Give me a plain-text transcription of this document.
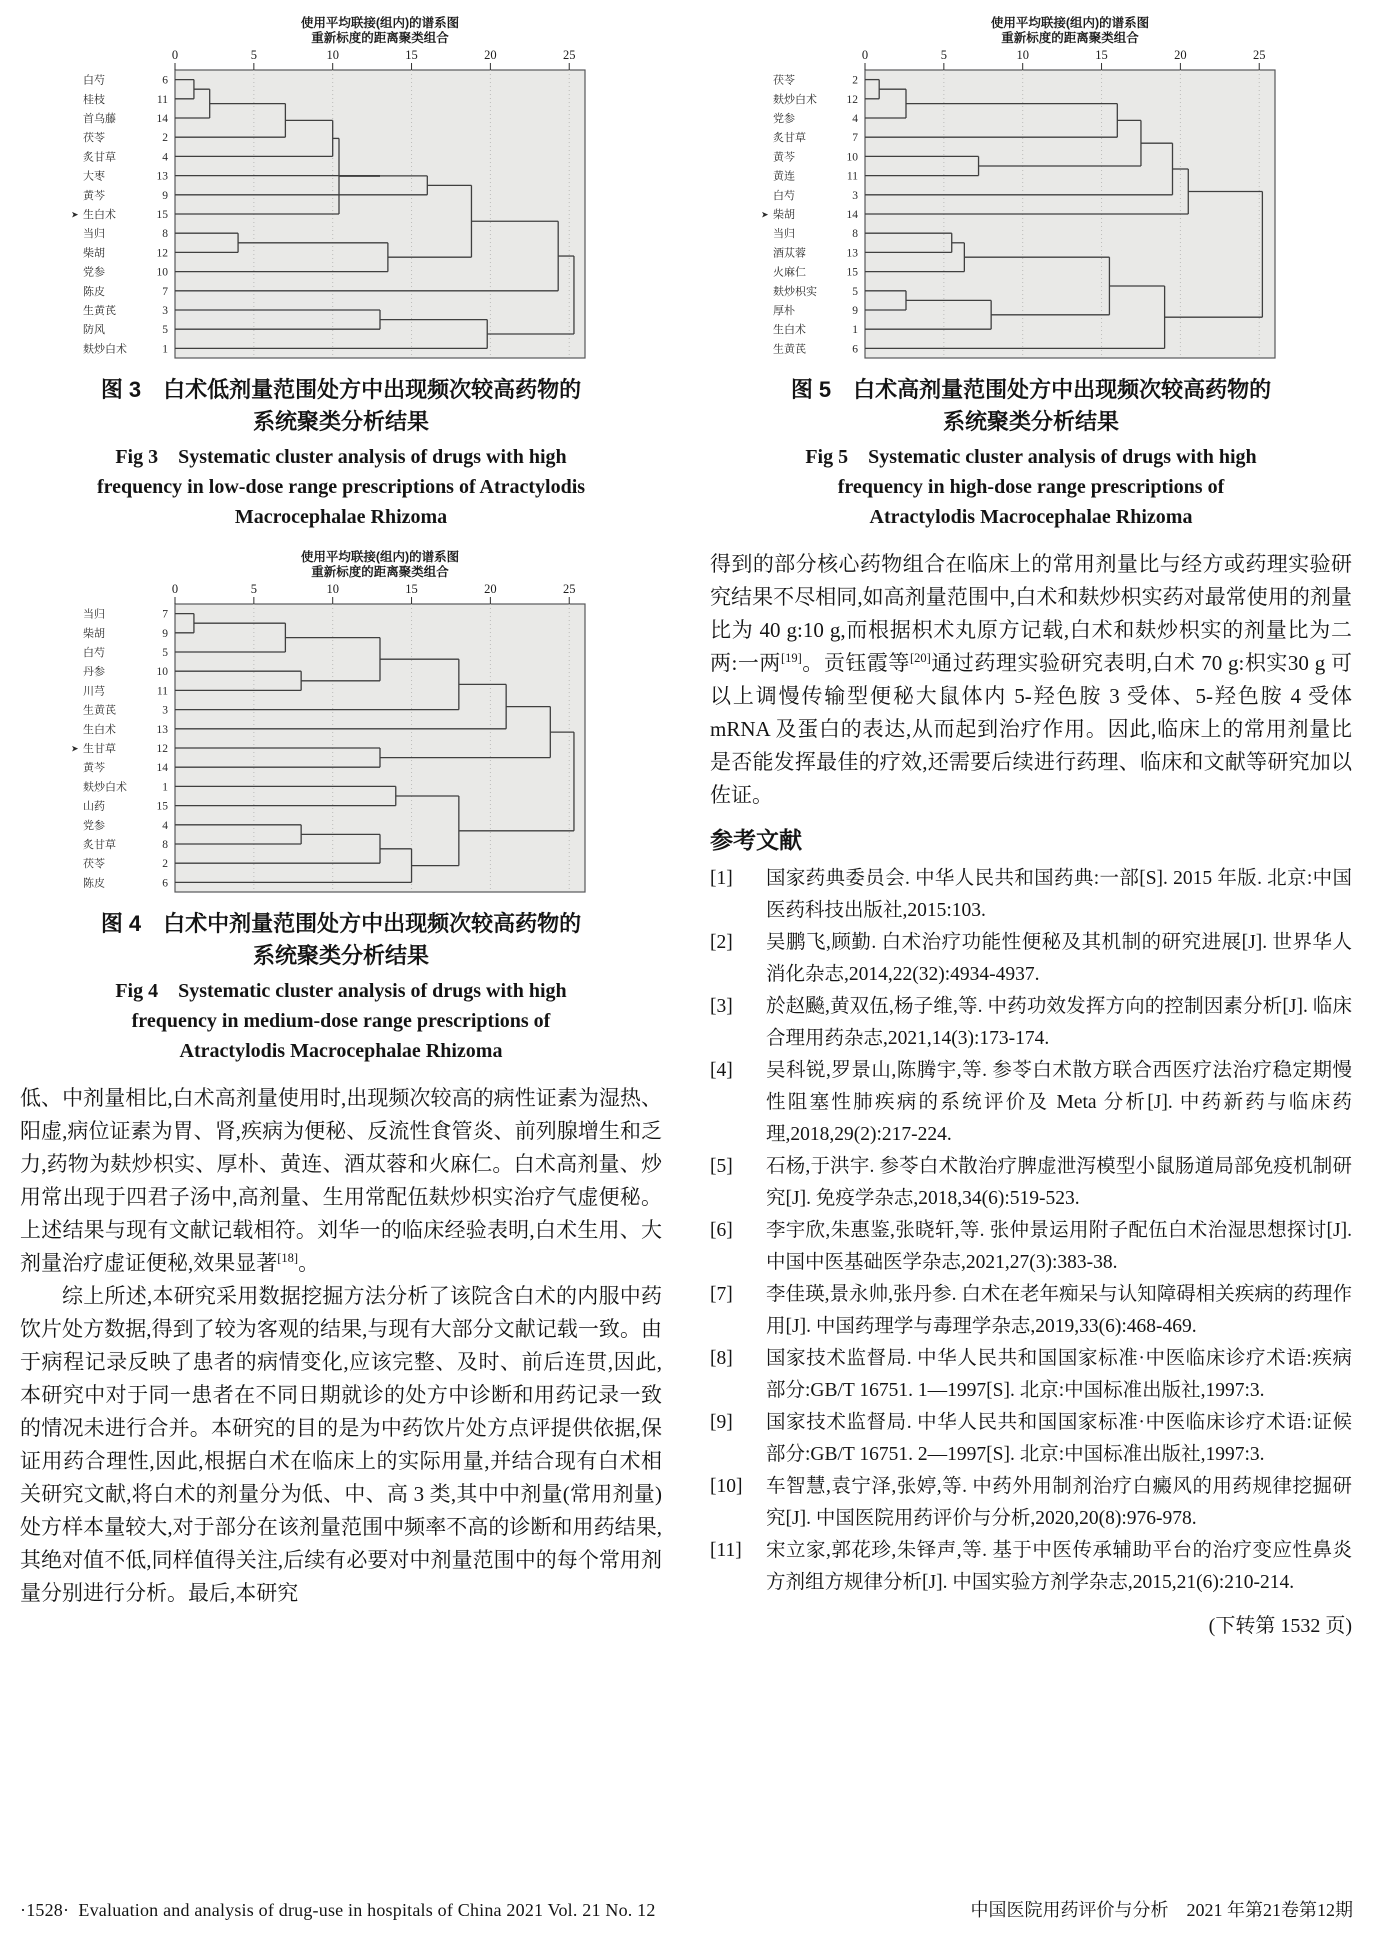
使用平均联接(组内)的谱系图
重新标度的距离聚类组合
0	5	10	15	20	25
白芍	6
桂枝	11
首乌藤	14
茯苓	2
炙甘草	4
大枣	13
黄芩	9
➤ 生白术	15
当归	8
柴胡	12
党参	10
陈皮	7
生黄芪	3
防风	5
麸炒白术	1
图 3　白术低剂量范围处方中出现频次较高药物的
系统聚类分析结果
Fig 3 Systematic cluster analysis of drugs with high
frequency in low-dose range prescriptions of Atractylodis
Macrocephalae Rhizoma
使用平均联接(组内)的谱系图
重新标度的距离聚类组合
0	5	10	15	20	25
当归	7
柴胡	9
白芍	5
丹参	10
川芎	11
生黄芪	3
生白术	13
➤ 生甘草	12
黄芩	14
麸炒白术	1
山药	15
党参	4
炙甘草	8
茯苓	2
陈皮	6
图 4　白术中剂量范围处方中出现频次较高药物的
系统聚类分析结果
Fig 4 Systematic cluster analysis of drugs with high
frequency in medium-dose range prescriptions of
Atractylodis Macrocephalae Rhizoma

低、中剂量相比,白术高剂量使用时,出现频次较高的病性证素为湿热、阳虚,病位证素为胃、肾,疾病为便秘、反流性食管炎、前列腺增生和乏力,药物为麸炒枳实、厚朴、黄连、酒苁蓉和火麻仁。白术高剂量、炒用常出现于四君子汤中,高剂量、生用常配伍麸炒枳实治疗气虚便秘。上述结果与现有文献记载相符。刘华一的临床经验表明,白术生用、大剂量治疗虚证便秘,效果显著[18]。

综上所述,本研究采用数据挖掘方法分析了该院含白术的内服中药饮片处方数据,得到了较为客观的结果,与现有大部分文献记载一致。由于病程记录反映了患者的病情变化,应该完整、及时、前后连贯,因此,本研究中对于同一患者在不同日期就诊的处方中诊断和用药记录一致的情况未进行合并。本研究的目的是为中药饮片处方点评提供依据,保证用药合理性,因此,根据白术在临床上的实际用量,并结合现有白术相关研究文献,将白术的剂量分为低、中、高 3 类,其中中剂量(常用剂量)处方样本量较大,对于部分在该剂量范围中频率不高的诊断和用药结果,其绝对值不低,同样值得关注,后续有必要对中剂量范围中的每个常用剂量分别进行分析。最后,本研究

使用平均联接(组内)的谱系图
重新标度的距离聚类组合
0	5	10	15	20	25
茯苓	2
麸炒白术	12
党参	4
炙甘草	7
黄芩	10
黄连	11
白芍	3
➤ 柴胡	14
当归	8
酒苁蓉	13
火麻仁	15
麸炒枳实	5
厚朴	9
生白术	1
生黄芪	6
图 5　白术高剂量范围处方中出现频次较高药物的
系统聚类分析结果
Fig 5 Systematic cluster analysis of drugs with high
frequency in high-dose range prescriptions of
Atractylodis Macrocephalae Rhizoma

得到的部分核心药物组合在临床上的常用剂量比与经方或药理实验研究结果不尽相同,如高剂量范围中,白术和麸炒枳实药对最常使用的剂量比为 40 g:10 g,而根据枳术丸原方记载,白术和麸炒枳实的剂量比为二两:一两[19]。贡钰霞等[20]通过药理实验研究表明,白术 70 g:枳实30 g 可以上调慢传输型便秘大鼠体内 5-羟色胺 3 受体、5-羟色胺 4 受体 mRNA 及蛋白的表达,从而起到治疗作用。因此,临床上的常用剂量比是否能发挥最佳的疗效,还需要后续进行药理、临床和文献等研究加以佐证。

参考文献
[1]	国家药典委员会. 中华人民共和国药典:一部[S]. 2015 年版. 北京:中国医药科技出版社,2015:103.
[2]	吴鹏飞,顾勤. 白术治疗功能性便秘及其机制的研究进展[J]. 世界华人消化杂志,2014,22(32):4934-4937.
[3]	於赵飈,黄双伍,杨子维,等. 中药功效发挥方向的控制因素分析[J]. 临床合理用药杂志,2021,14(3):173-174.
[4]	吴科锐,罗景山,陈腾宇,等. 参苓白术散方联合西医疗法治疗稳定期慢性阻塞性肺疾病的系统评价及 Meta 分析[J]. 中药新药与临床药理,2018,29(2):217-224.
[5]	石杨,于洪宇. 参苓白术散治疗脾虚泄泻模型小鼠肠道局部免疫机制研究[J]. 免疫学杂志,2018,34(6):519-523.
[6]	李宇欣,朱惠鉴,张晓轩,等. 张仲景运用附子配伍白术治湿思想探讨[J]. 中国中医基础医学杂志,2021,27(3):383-38.
[7]	李佳瑛,景永帅,张丹参. 白术在老年痴呆与认知障碍相关疾病的药理作用[J]. 中国药理学与毒理学杂志,2019,33(6):468-469.
[8]	国家技术监督局. 中华人民共和国国家标准·中医临床诊疗术语:疾病部分:GB/T 16751. 1—1997[S]. 北京:中国标准出版社,1997:3.
[9]	国家技术监督局. 中华人民共和国国家标准·中医临床诊疗术语:证候部分:GB/T 16751. 2—1997[S]. 北京:中国标准出版社,1997:3.
[10]	车智慧,袁宁泽,张婷,等. 中药外用制剂治疗白癜风的用药规律挖掘研究[J]. 中国医院用药评价与分析,2020,20(8):976-978.
[11]	宋立家,郭花珍,朱铎声,等. 基于中医传承辅助平台的治疗变应性鼻炎方剂组方规律分析[J]. 中国实验方剂学杂志,2015,21(6):210-214.
(下转第 1532 页)
·1528·  Evaluation and analysis of drug-use in hospitals of China 2021 Vol. 21 No. 12	中国医院用药评价与分析　2021 年第21卷第12期
